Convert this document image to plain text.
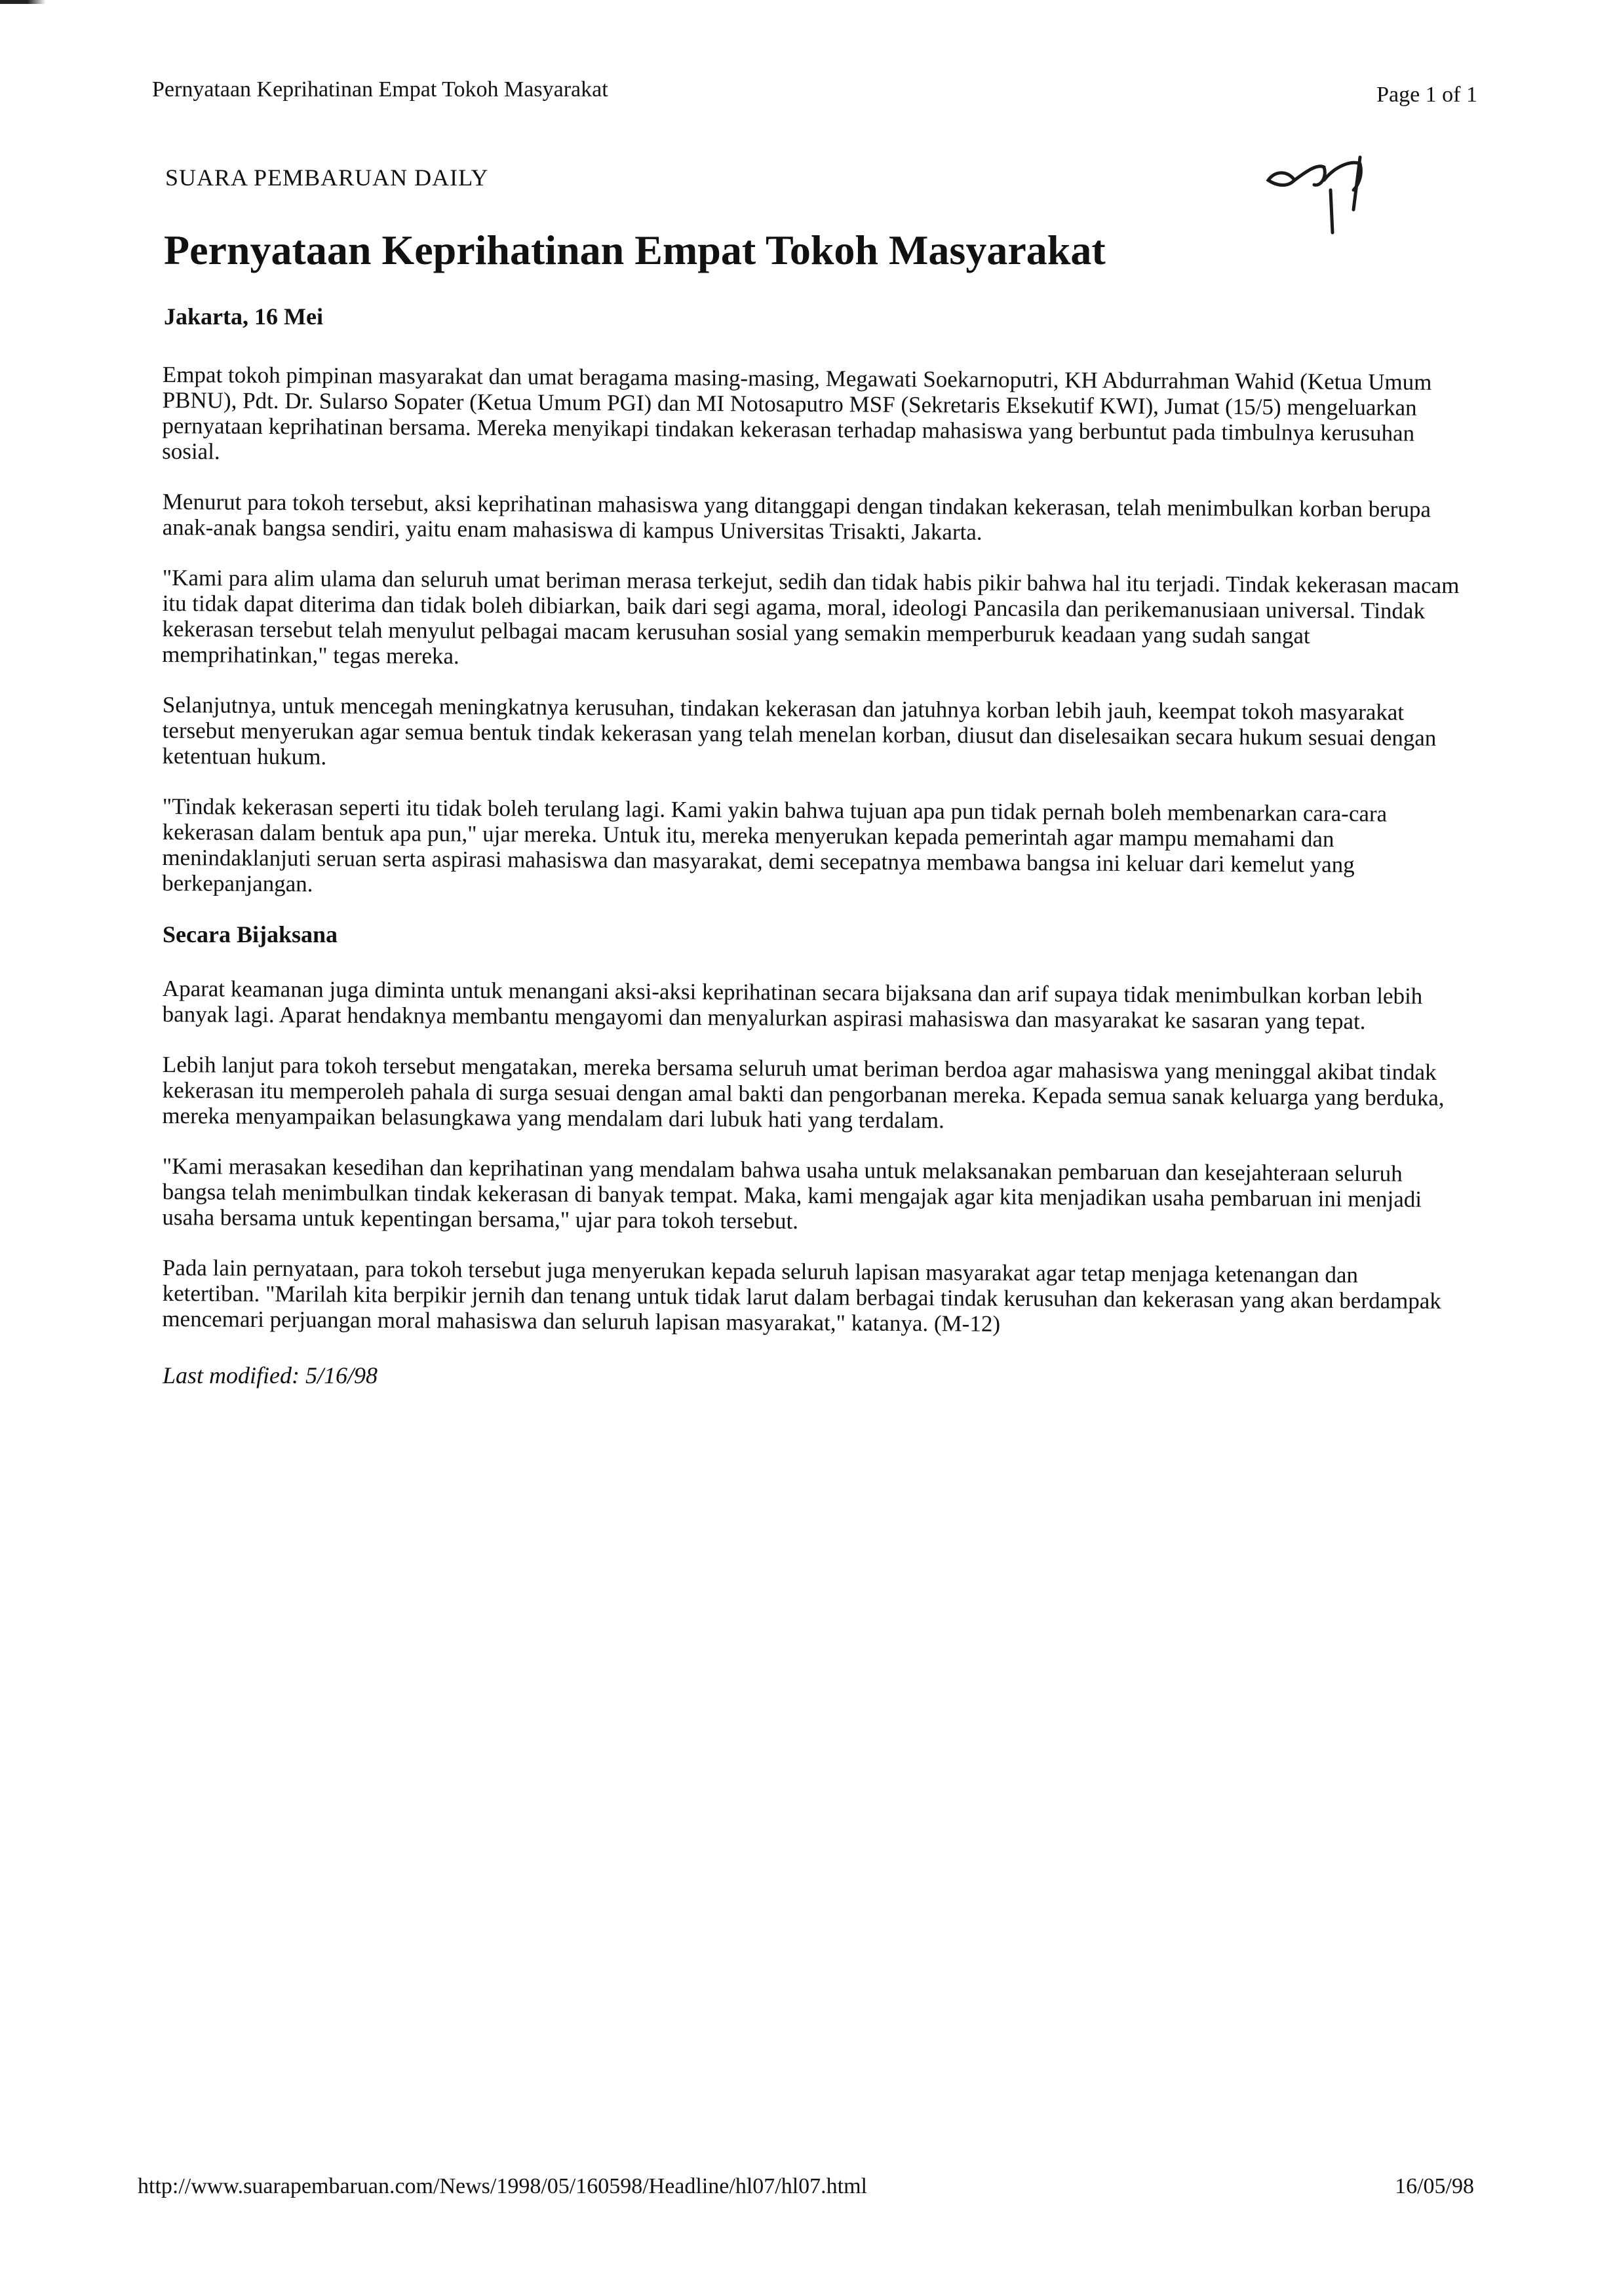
Pernyataan Keprihatinan Empat Tokoh Masyarakat	Page 1 of 1
SUARA PEMBARUAN DAILY
Pernyataan Keprihatinan Empat Tokoh Masyarakat
Jakarta, 16 Mei

Empat tokoh pimpinan masyarakat dan umat beragama masing-masing, Megawati Soekarnoputri, KH Abdurrahman Wahid (Ketua Umum PBNU), Pdt. Dr. Sularso Sopater (Ketua Umum PGI) dan MI Notosaputro MSF (Sekretaris Eksekutif KWI), Jumat (15/5) mengeluarkan pernyataan keprihatinan bersama. Mereka menyikapi tindakan kekerasan terhadap mahasiswa yang berbuntut pada timbulnya kerusuhan sosial.

Menurut para tokoh tersebut, aksi keprihatinan mahasiswa yang ditanggapi dengan tindakan kekerasan, telah menimbulkan korban berupa anak-anak bangsa sendiri, yaitu enam mahasiswa di kampus Universitas Trisakti, Jakarta.

"Kami para alim ulama dan seluruh umat beriman merasa terkejut, sedih dan tidak habis pikir bahwa hal itu terjadi. Tindak kekerasan macam itu tidak dapat diterima dan tidak boleh dibiarkan, baik dari segi agama, moral, ideologi Pancasila dan perikemanusiaan universal. Tindak kekerasan tersebut telah menyulut pelbagai macam kerusuhan sosial yang semakin memperburuk keadaan yang sudah sangat memprihatinkan," tegas mereka.

Selanjutnya, untuk mencegah meningkatnya kerusuhan, tindakan kekerasan dan jatuhnya korban lebih jauh, keempat tokoh masyarakat tersebut menyerukan agar semua bentuk tindak kekerasan yang telah menelan korban, diusut dan diselesaikan secara hukum sesuai dengan ketentuan hukum.

"Tindak kekerasan seperti itu tidak boleh terulang lagi. Kami yakin bahwa tujuan apa pun tidak pernah boleh membenarkan cara-cara kekerasan dalam bentuk apa pun," ujar mereka. Untuk itu, mereka menyerukan kepada pemerintah agar mampu memahami dan menindaklanjuti seruan serta aspirasi mahasiswa dan masyarakat, demi secepatnya membawa bangsa ini keluar dari kemelut yang berkepanjangan.

Secara Bijaksana

Aparat keamanan juga diminta untuk menangani aksi-aksi keprihatinan secara bijaksana dan arif supaya tidak menimbulkan korban lebih banyak lagi. Aparat hendaknya membantu mengayomi dan menyalurkan aspirasi mahasiswa dan masyarakat ke sasaran yang tepat.

Lebih lanjut para tokoh tersebut mengatakan, mereka bersama seluruh umat beriman berdoa agar mahasiswa yang meninggal akibat tindak kekerasan itu memperoleh pahala di surga sesuai dengan amal bakti dan pengorbanan mereka. Kepada semua sanak keluarga yang berduka, mereka menyampaikan belasungkawa yang mendalam dari lubuk hati yang terdalam.

"Kami merasakan kesedihan dan keprihatinan yang mendalam bahwa usaha untuk melaksanakan pembaruan dan kesejahteraan seluruh bangsa telah menimbulkan tindak kekerasan di banyak tempat. Maka, kami mengajak agar kita menjadikan usaha pembaruan ini menjadi usaha bersama untuk kepentingan bersama," ujar para tokoh tersebut.

Pada lain pernyataan, para tokoh tersebut juga menyerukan kepada seluruh lapisan masyarakat agar tetap menjaga ketenangan dan ketertiban. "Marilah kita berpikir jernih dan tenang untuk tidak larut dalam berbagai tindak kerusuhan dan kekerasan yang akan berdampak mencemari perjuangan moral mahasiswa dan seluruh lapisan masyarakat," katanya. (M-12)

Last modified: 5/16/98
http://www.suarapembaruan.com/News/1998/05/160598/Headline/hl07/hl07.html	16/05/98
